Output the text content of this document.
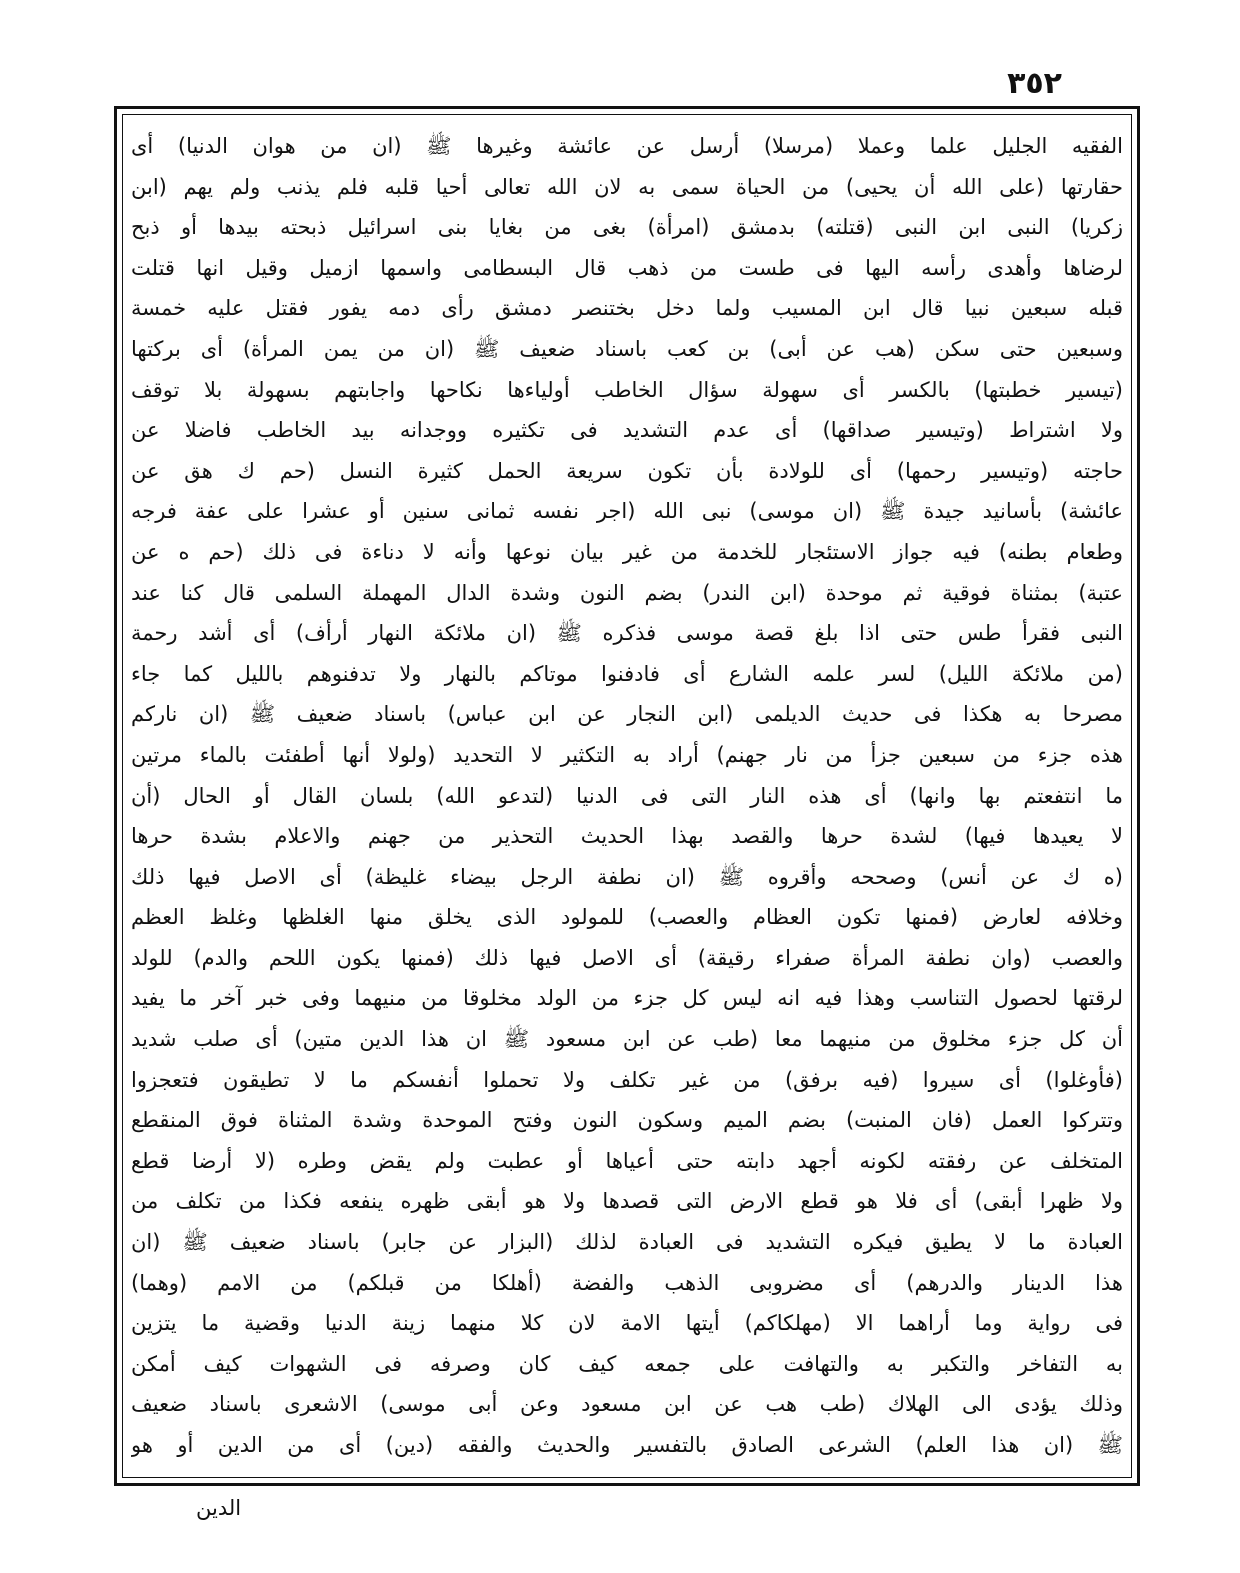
٣٥٢
الفقيه الجليل علما وعملا (مرسلا) أرسل عن عائشة وغيرها ﷺ (ان من هوان الدنيا) أى
حقارتها (على الله أن يحيى) من الحياة سمى به لان الله تعالى أحيا قلبه فلم يذنب ولم يهم (ابن
زكريا) النبى ابن النبى (قتلته) بدمشق (امرأة) بغى من بغايا بنى اسرائيل ذبحته بيدها أو ذبح
لرضاها وأهدى رأسه اليها فى طست من ذهب قال البسطامى واسمها ازميل وقيل انها قتلت
قبله سبعين نبيا قال ابن المسيب ولما دخل بختنصر دمشق رأى دمه يفور فقتل عليه خمسة
وسبعين حتى سكن (هب عن أبى) بن كعب باسناد ضعيف ﷺ (ان من يمن المرأة) أى بركتها
(تيسير خطبتها) بالكسر أى سهولة سؤال الخاطب أولياءها نكاحها واجابتهم بسهولة بلا توقف
ولا اشتراط (وتيسير صداقها) أى عدم التشديد فى تكثيره ووجدانه بيد الخاطب فاضلا عن
حاجته (وتيسير رحمها) أى للولادة بأن تكون سريعة الحمل كثيرة النسل (حم ك هق عن
عائشة) بأسانيد جيدة ﷺ (ان موسى) نبى الله (اجر نفسه ثمانى سنين أو عشرا على عفة فرجه
وطعام بطنه) فيه جواز الاستئجار للخدمة من غير بيان نوعها وأنه لا دناءة فى ذلك (حم ه عن
عتبة) بمثناة فوقية ثم موحدة (ابن الندر) بضم النون وشدة الدال المهملة السلمى قال كنا عند
النبى فقرأ طس حتى اذا بلغ قصة موسى فذكره ﷺ (ان ملائكة النهار أرأف) أى أشد رحمة
(من ملائكة الليل) لسر علمه الشارع أى فادفنوا موتاكم بالنهار ولا تدفنوهم بالليل كما جاء
مصرحا به هكذا فى حديث الديلمى (ابن النجار عن ابن عباس) باسناد ضعيف ﷺ (ان ناركم
هذه جزء من سبعين جزأ من نار جهنم) أراد به التكثير لا التحديد (ولولا أنها أطفئت بالماء مرتين
ما انتفعتم بها وانها) أى هذه النار التى فى الدنيا (لتدعو الله) بلسان القال أو الحال (أن
لا يعيدها فيها) لشدة حرها والقصد بهذا الحديث التحذير من جهنم والاعلام بشدة حرها
(ه ك عن أنس) وصححه وأقروه ﷺ (ان نطفة الرجل بيضاء غليظة) أى الاصل فيها ذلك
وخلافه لعارض (فمنها تكون العظام والعصب) للمولود الذى يخلق منها الغلظها وغلظ العظم
والعصب (وان نطفة المرأة صفراء رقيقة) أى الاصل فيها ذلك (فمنها يكون اللحم والدم) للولد
لرقتها لحصول التناسب وهذا فيه انه ليس كل جزء من الولد مخلوقا من منيهما وفى خبر آخر ما يفيد
أن كل جزء مخلوق من منيهما معا (طب عن ابن مسعود ﷺ ان هذا الدين متين) أى صلب شديد
(فأوغلوا) أى سيروا (فيه برفق) من غير تكلف ولا تحملوا أنفسكم ما لا تطيقون فتعجزوا
وتتركوا العمل (فان المنبت) بضم الميم وسكون النون وفتح الموحدة وشدة المثناة فوق المنقطع
المتخلف عن رفقته لكونه أجهد دابته حتى أعياها أو عطبت ولم يقض وطره (لا أرضا قطع
ولا ظهرا أبقى) أى فلا هو قطع الارض التى قصدها ولا هو أبقى ظهره ينفعه فكذا من تكلف من
العبادة ما لا يطيق فيكره التشديد فى العبادة لذلك (البزار عن جابر) باسناد ضعيف ﷺ (ان
هذا الدينار والدرهم) أى مضروبى الذهب والفضة (أهلكا من قبلكم) من الامم (وهما)
فى رواية وما أراهما الا (مهلكاكم) أيتها الامة لان كلا منهما زينة الدنيا وقضية ما يتزين
به التفاخر والتكبر به والتهافت على جمعه كيف كان وصرفه فى الشهوات كيف أمكن
وذلك يؤدى الى الهلاك (طب هب عن ابن مسعود وعن أبى موسى) الاشعرى باسناد ضعيف
ﷺ (ان هذا العلم) الشرعى الصادق بالتفسير والحديث والفقه (دين) أى من الدين أو هو
الدين
